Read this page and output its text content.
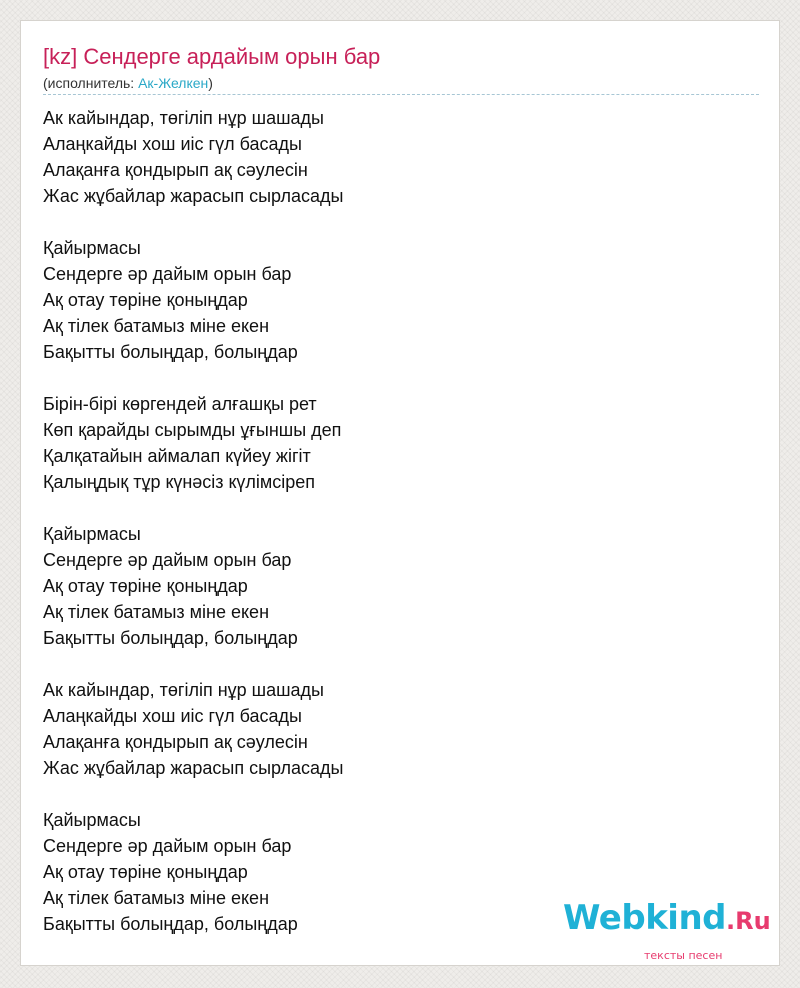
[kz] Сендерге ардайым орын бар
(исполнитель: Ак-Желкен)
Ак кайындар, төгіліп нұр шашады
Алаңкайды хош иіс гүл басады
Алақанға қондырып ақ сәулесін
Жас жұбайлар жарасып сырласады
Қайырмасы
Сендерге әр дайым орын бар
Ақ отау төріне қоныңдар
Ақ тілек батамыз міне екен
Бақытты болыңдар, болыңдар
Бірін-бірі көргендей алғашқы рет
Көп қарайды сырымды ұғыншы деп
Қалқатайын аймалап күйеу жігіт
Қалыңдық тұр күнәсіз күлімсіреп
Қайырмасы
Сендерге әр дайым орын бар
Ақ отау төріне қоныңдар
Ақ тілек батамыз міне екен
Бақытты болыңдар, болыңдар
Ак кайындар, төгіліп нұр шашады
Алаңкайды хош иіс гүл басады
Алақанға қондырып ақ сәулесін
Жас жұбайлар жарасып сырласады
Қайырмасы
Сендерге әр дайым орын бар
Ақ отау төріне қоныңдар
Ақ тілек батамыз міне екен
Бақытты болыңдар, болыңдар	Webkind.Ru
тексты песен
